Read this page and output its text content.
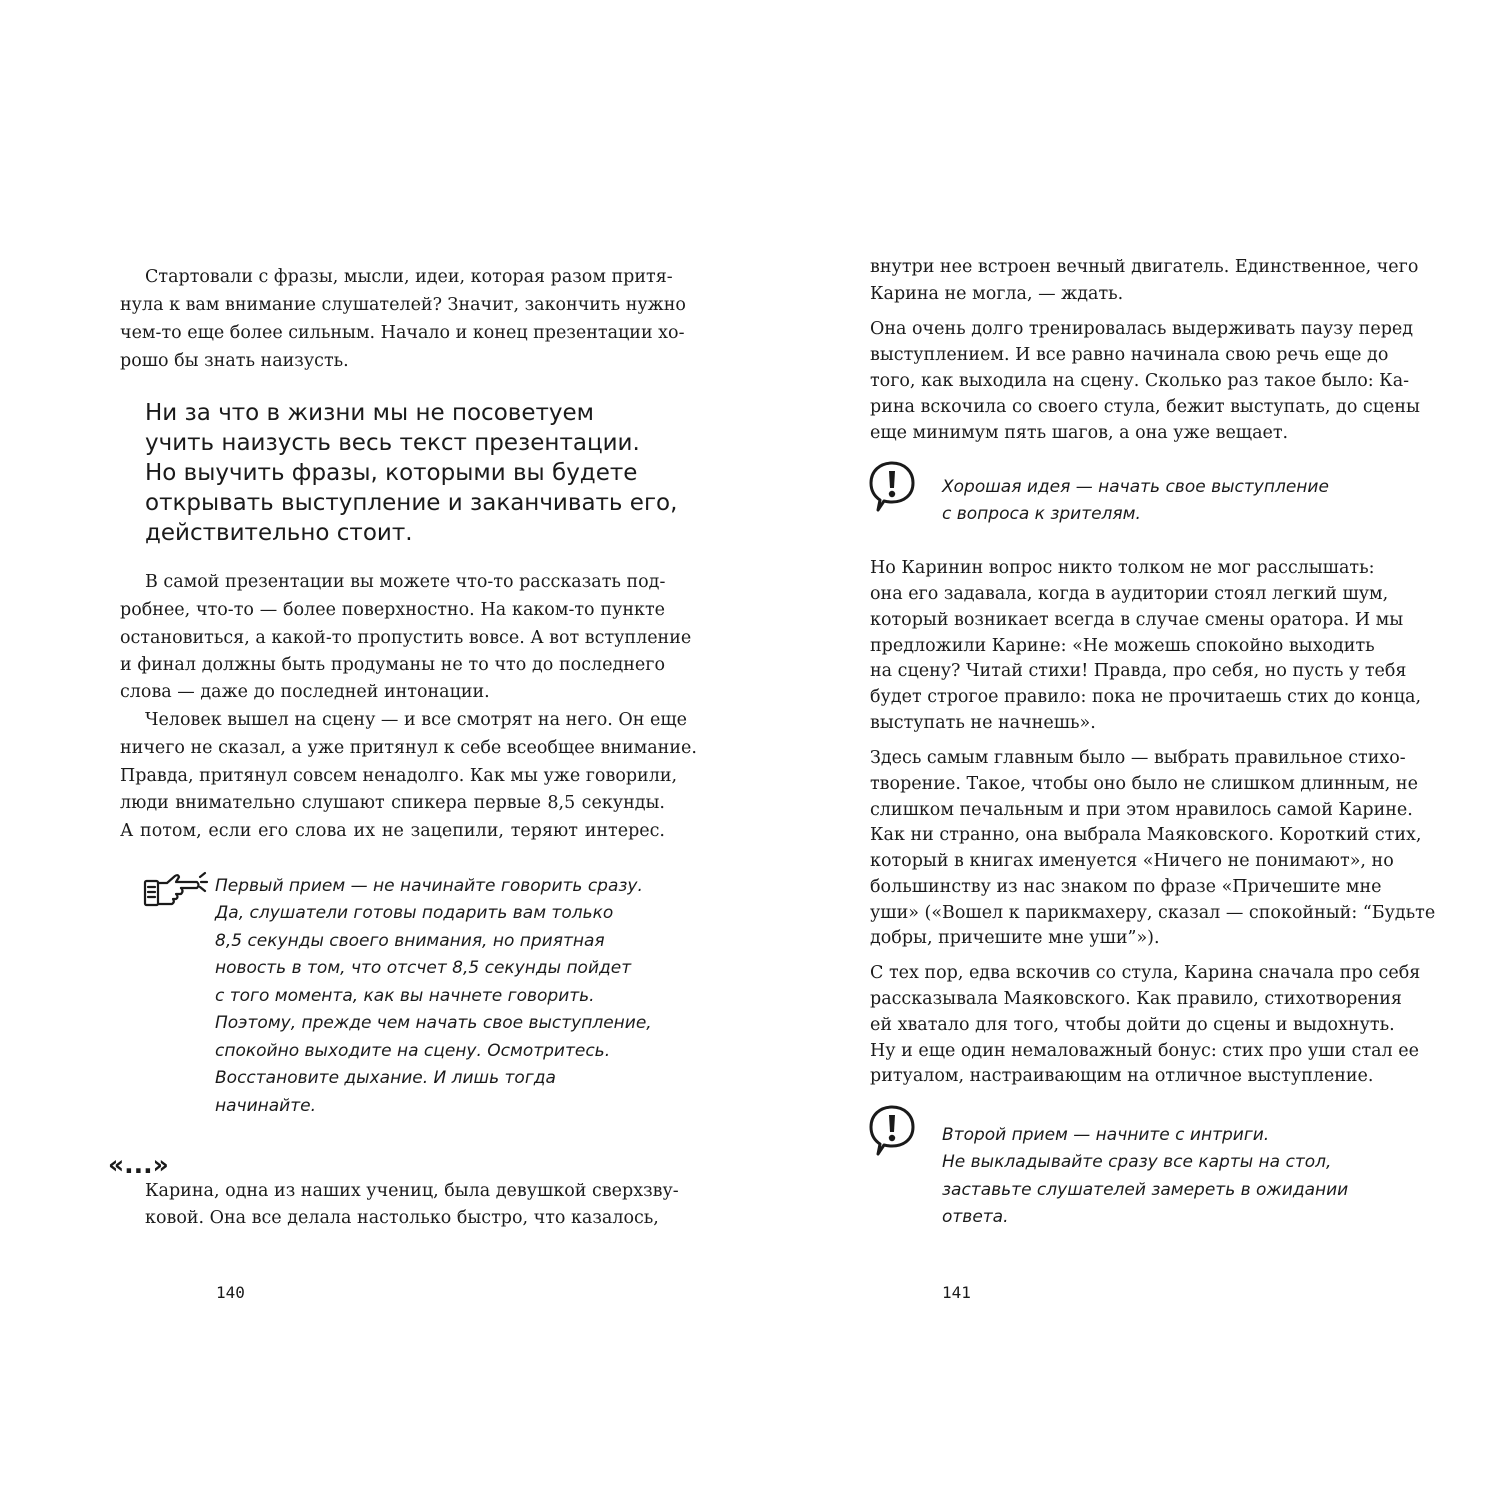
Стартовали с фразы, мысли, идеи, которая разом притя-
нула к вам внимание слушателей? Значит, закончить нужно
чем-то еще более сильным. Начало и конец презентации хо-
рошо бы знать наизусть.
Ни за что в жизни мы не посоветуем
учить наизусть весь текст презентации.
Но выучить фразы, которыми вы будете
открывать выступление и заканчивать его,
действительно стоит.
В самой презентации вы можете что-то рассказать под-
робнее, что-то — более поверхностно. На каком-то пункте
остановиться, а какой-то пропустить вовсе. А вот вступление
и финал должны быть продуманы не то что до последнего
слова — даже до последней интонации.
Человек вышел на сцену — и все смотрят на него. Он еще
ничего не сказал, а уже притянул к себе всеобщее внимание.
Правда, притянул совсем ненадолго. Как мы уже говорили,
люди внимательно слушают спикера первые 8,5 секунды.
А потом, если его слова их не зацепили, теряют интерес.
Первый прием — не начинайте говорить сразу.
Да, слушатели готовы подарить вам только
8,5 секунды своего внимания, но приятная
новость в том, что отсчет 8,5 секунды пойдет
с того момента, как вы начнете говорить.
Поэтому, прежде чем начать свое выступление,
спокойно выходите на сцену. Осмотритесь.
Восстановите дыхание. И лишь тогда
начинайте.
«...»
Карина, одна из наших учениц, была девушкой сверхзву-
ковой. Она все делала настолько быстро, что казалось,
140
внутри нее встроен вечный двигатель. Единственное, чего
Карина не могла, — ждать.
Она очень долго тренировалась выдерживать паузу перед
выступлением. И все равно начинала свою речь еще до
того, как выходила на сцену. Сколько раз такое было: Ка-
рина вскочила со своего стула, бежит выступать, до сцены
еще минимум пять шагов, а она уже вещает.
Хорошая идея — начать свое выступление
с вопроса к зрителям.
Но Каринин вопрос никто толком не мог расслышать:
она его задавала, когда в аудитории стоял легкий шум,
который возникает всегда в случае смены оратора. И мы
предложили Карине: «Не можешь спокойно выходить
на сцену? Читай стихи! Правда, про себя, но пусть у тебя
будет строгое правило: пока не прочитаешь стих до конца,
выступать не начнешь».
Здесь самым главным было — выбрать правильное стихо-
творение. Такое, чтобы оно было не слишком длинным, не
слишком печальным и при этом нравилось самой Карине.
Как ни странно, она выбрала Маяковского. Короткий стих,
который в книгах именуется «Ничего не понимают», но
большинству из нас знаком по фразе «Причешите мне
уши» («Вошел к парикмахеру, сказал — спокойный: “Будьте
добры, причешите мне уши”»).
С тех пор, едва вскочив со стула, Карина сначала про себя
рассказывала Маяковского. Как правило, стихотворения
ей хватало для того, чтобы дойти до сцены и выдохнуть.
Ну и еще один немаловажный бонус: стих про уши стал ее
ритуалом, настраивающим на отличное выступление.
Второй прием — начните с интриги.
Не выкладывайте сразу все карты на стол,
заставьте слушателей замереть в ожидании
ответа.
141
